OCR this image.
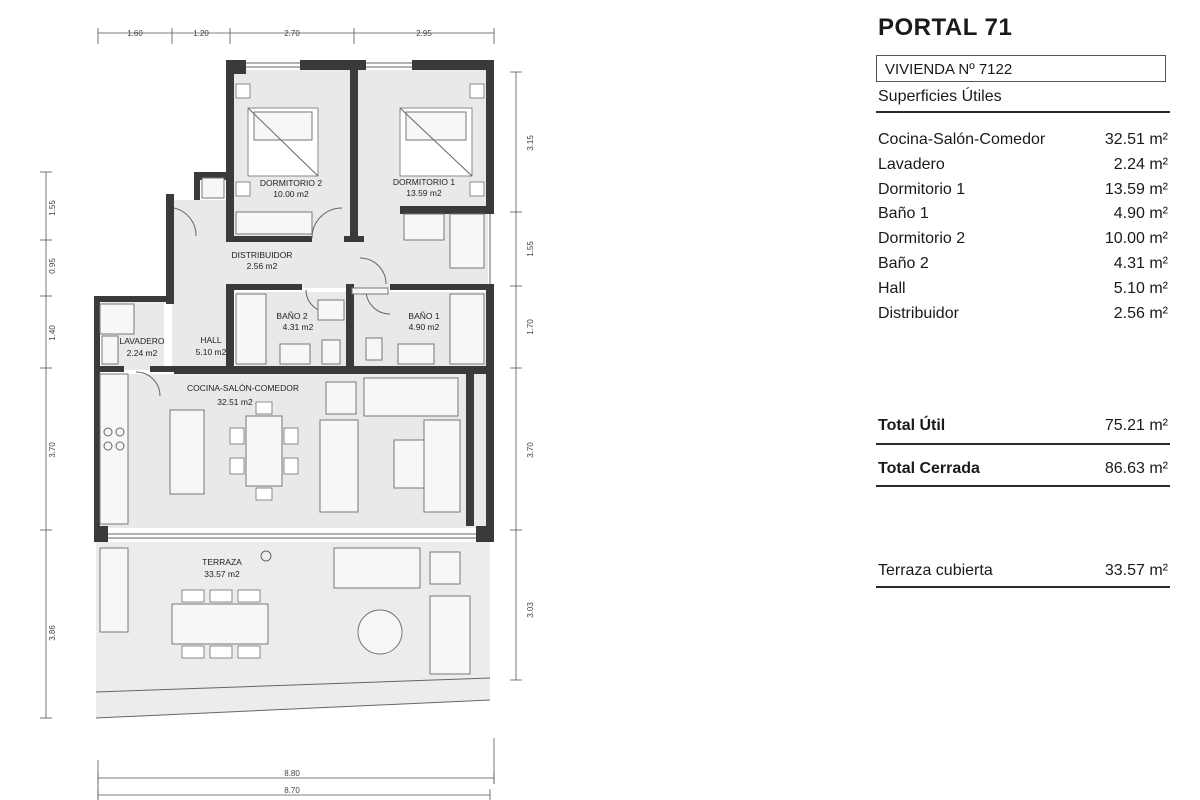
DORMITORIO 2
10.00 m2
DORMITORIO 1
13.59 m2
DISTRIBUIDOR
2.56 m2
HALL
5.10 m2
BAÑO 2
4.31 m2
BAÑO 1
4.90 m2
LAVADERO
2.24 m2
COCINA-SALÓN-COMEDOR
32.51 m2
TERRAZA
33.57 m2
1.60	1.20	2.70	2.95
3.15
1.55
1.70
3.70
3.03
1.55
0.95
1.40
3.70
3.86
8.80
8.70
PORTAL 71
VIVIENDA Nº 7122
Superficies Útiles
Cocina-Salón-Comedor	32.51 m²
Lavadero	2.24 m²
Dormitorio 1	13.59 m²
Baño 1	4.90 m²
Dormitorio 2	10.00 m²
Baño 2	4.31 m²
Hall	5.10 m²
Distribuidor	2.56 m²
Total Útil	75.21 m²
Total Cerrada	86.63 m²
Terraza cubierta	33.57 m²
